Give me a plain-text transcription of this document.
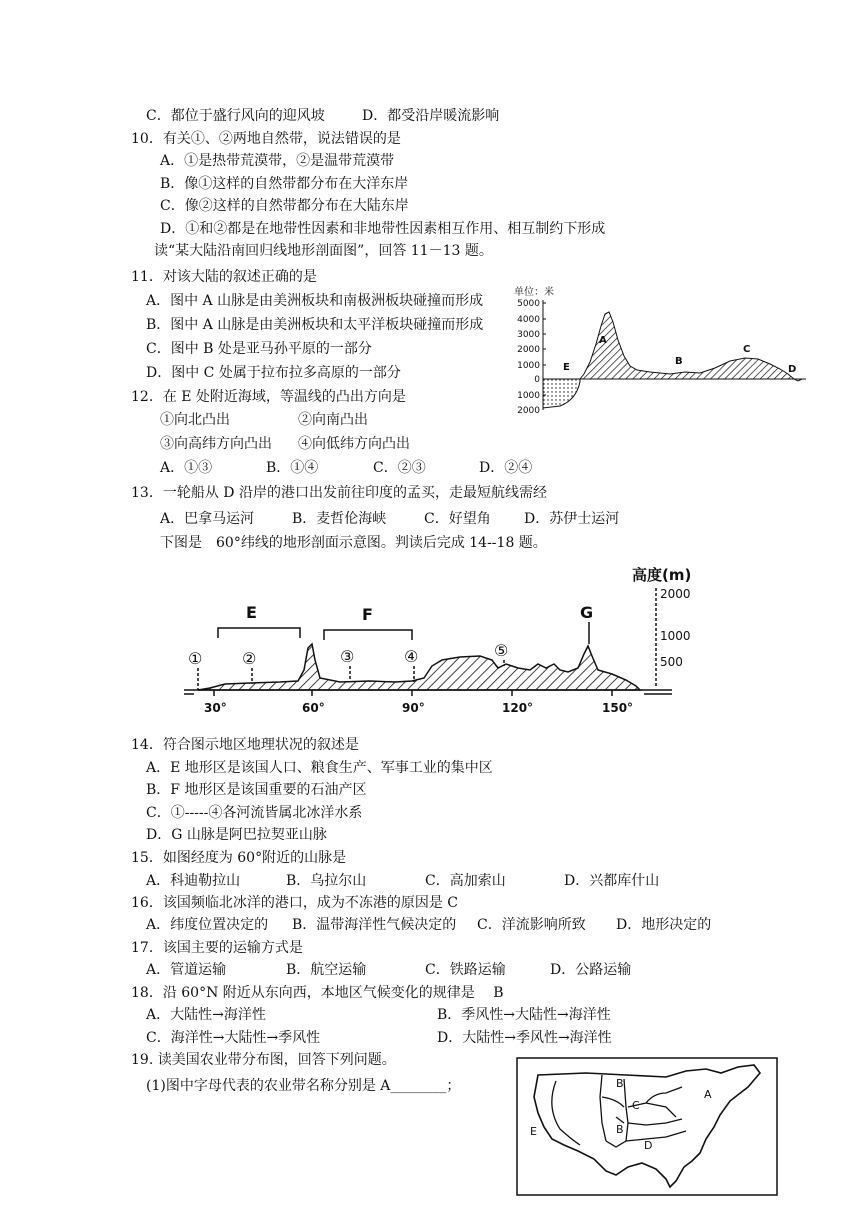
C．都位于盛行风向的迎风坡	D．都受沿岸暖流影响
10．有关①、②两地自然带，说法错误的是
A．①是热带荒漠带，②是温带荒漠带
B．像①这样的自然带都分布在大洋东岸
C．像②这样的自然带都分布在大陆东岸
D．①和②都是在地带性因素和非地带性因素相互作用、相互制约下形成
读“某大陆沿南回归线地形剖面图”，回答 11－13 题。
11．对该大陆的叙述正确的是
A．图中 A 山脉是由美洲板块和南极洲板块碰撞而形成
B．图中 A 山脉是由美洲板块和太平洋板块碰撞而形成
C．图中 B 处是亚马孙平原的一部分
D．图中 C 处属于拉布拉多高原的一部分
12．在 E 处附近海域，等温线的凸出方向是
①向北凸出	②向南凸出
③向高纬方向凸出 ④向低纬方向凸出
A．①③	B．①④	C．②③	D．②④
13．一轮船从 D 沿岸的港口出发前往印度的孟买，走最短航线需经
A．巴拿马运河	B．麦哲伦海峡	C．好望角 D．苏伊士运河
下图是　60°纬线的地形剖面示意图。判读后完成 14--18 题。
14．符合图示地区地理状况的叙述是
A．E 地形区是该国人口、粮食生产、军事工业的集中区
B．F 地形区是该国重要的石油产区
C．①-----④各河流皆属北冰洋水系
D．G 山脉是阿巴拉契亚山脉
15．如图经度为 60°附近的山脉是
A．科迪勒拉山	B．乌拉尔山	C．高加索山	D．兴都库什山
16．该国频临北冰洋的港口，成为不冻港的原因是 C
A．纬度位置决定的 B．温带海洋性气候决定的 C．洋流影响所致 D．地形决定的
17．该国主要的运输方式是
A．管道运输	B．航空运输	C．铁路运输	D．公路运输
18．沿 60°N 附近从东向西，本地区气候变化的规律是　 B
A．大陆性→海洋性	B．季风性→大陆性→海洋性
C．海洋性→大陆性→季风性	D．大陆性→季风性→海洋性
19. 读美国农业带分布图，回答下列问题。
(1)图中字母代表的农业带名称分别是 A________；
单位：米
5000
4000
3000
2000
1000
0
1000
2000
A
B
C
D
E
高度(m)
2000
1000
500
E	F	G
① ②	③	④	⑤
30°	60°	90°	120°	150°
B
A
C
B
E
D
